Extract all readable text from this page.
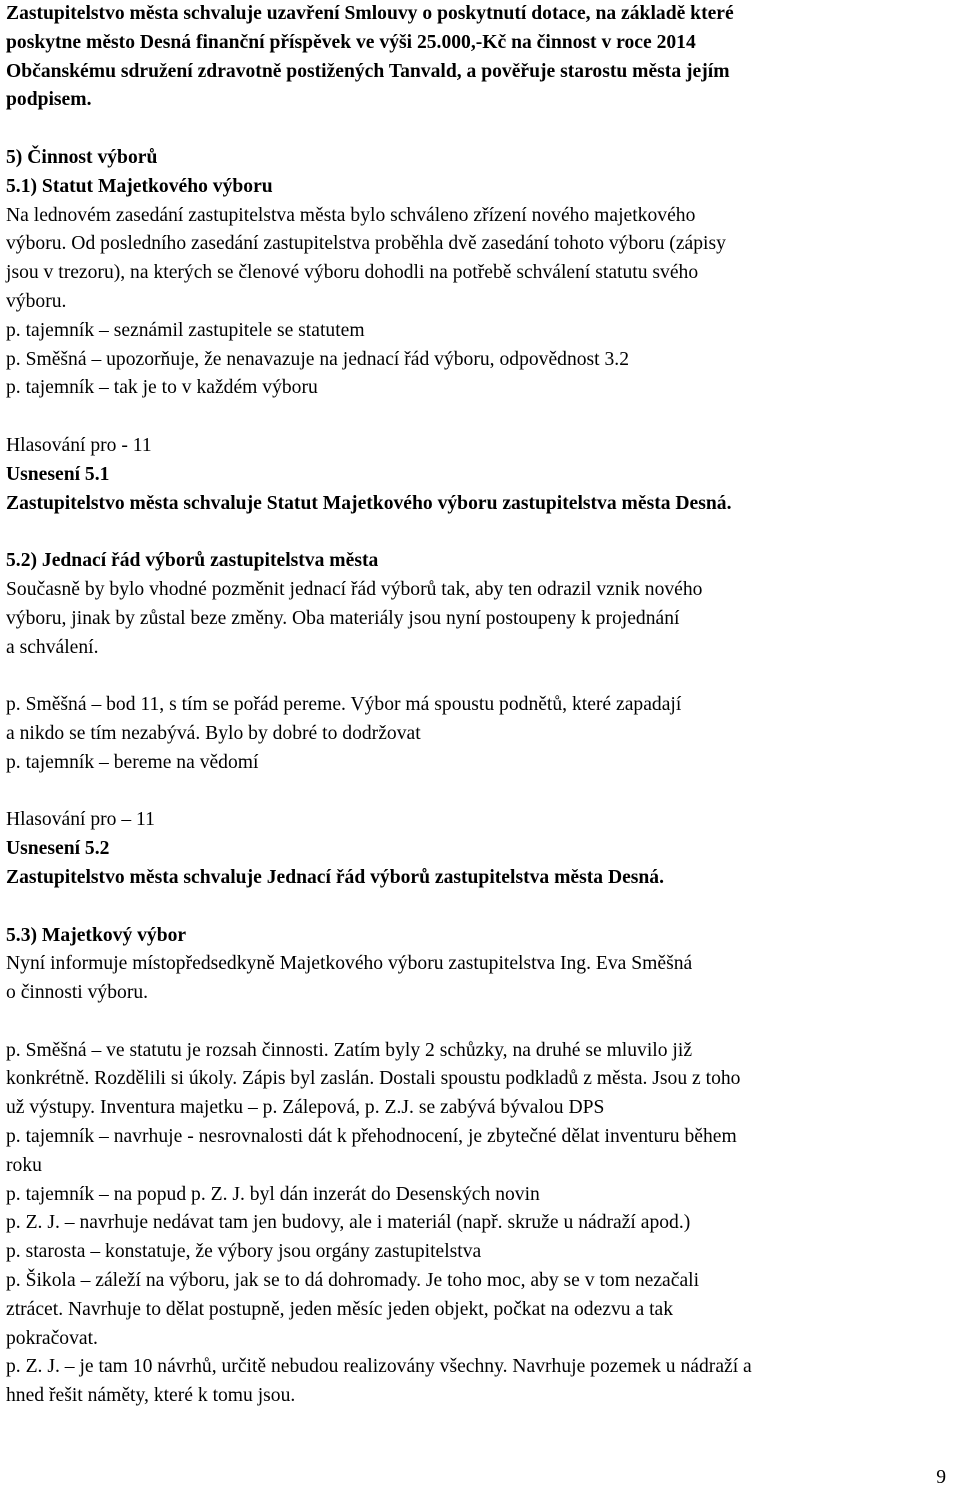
Zastupitelstvo města schvaluje uzavření Smlouvy o poskytnutí dotace, na základě které
poskytne město Desná finanční příspěvek ve výši 25.000,-Kč na činnost v roce 2014
Občanskému sdružení zdravotně postižených Tanvald, a pověřuje starostu města jejím
podpisem.
5) Činnost výborů
5.1) Statut Majetkového výboru
Na lednovém zasedání zastupitelstva města bylo schváleno zřízení nového majetkového
výboru. Od posledního zasedání zastupitelstva proběhla dvě zasedání tohoto výboru (zápisy
jsou v trezoru), na kterých se členové výboru dohodli na potřebě schválení statutu svého
výboru.
p. tajemník – seznámil zastupitele se statutem
p. Směšná – upozorňuje, že nenavazuje na jednací řád výboru, odpovědnost 3.2
p. tajemník – tak je to v každém výboru
Hlasování pro - 11
Usnesení 5.1
Zastupitelstvo města schvaluje Statut Majetkového výboru zastupitelstva města Desná.
5.2) Jednací řád výborů zastupitelstva města
Současně by bylo vhodné pozměnit jednací řád výborů tak, aby ten odrazil vznik nového
výboru, jinak by zůstal beze změny. Oba materiály jsou nyní postoupeny k projednání
a schválení.
p. Směšná – bod 11, s tím se pořád pereme. Výbor má spoustu podnětů, které zapadají
a nikdo se tím nezabývá. Bylo by dobré to dodržovat
p. tajemník – bereme na vědomí
Hlasování pro – 11
Usnesení 5.2
Zastupitelstvo města schvaluje Jednací řád výborů zastupitelstva města Desná.
5.3) Majetkový výbor
Nyní informuje místopředsedkyně Majetkového výboru zastupitelstva Ing. Eva Směšná
o činnosti výboru.
p. Směšná – ve statutu je rozsah činnosti. Zatím byly 2 schůzky, na druhé se mluvilo již
konkrétně. Rozdělili si úkoly. Zápis byl zaslán. Dostali spoustu podkladů z města. Jsou z toho
už výstupy. Inventura majetku – p. Zálepová, p. Z.J. se zabývá bývalou DPS
p. tajemník – navrhuje - nesrovnalosti dát k přehodnocení, je zbytečné dělat inventuru během
roku
p. tajemník – na popud p. Z. J. byl dán inzerát do Desenských novin
p. Z. J. – navrhuje nedávat tam jen budovy, ale i materiál (např. skruže u nádraží apod.)
p. starosta – konstatuje, že výbory jsou orgány zastupitelstva
p. Šikola – záleží na výboru, jak se to dá dohromady. Je toho moc, aby se v tom nezačali
ztrácet. Navrhuje to dělat postupně, jeden měsíc jeden objekt, počkat na odezvu a tak
pokračovat.
p. Z. J. – je tam 10 návrhů, určitě nebudou realizovány všechny. Navrhuje pozemek u nádraží a
hned řešit náměty, které k tomu jsou.
9
